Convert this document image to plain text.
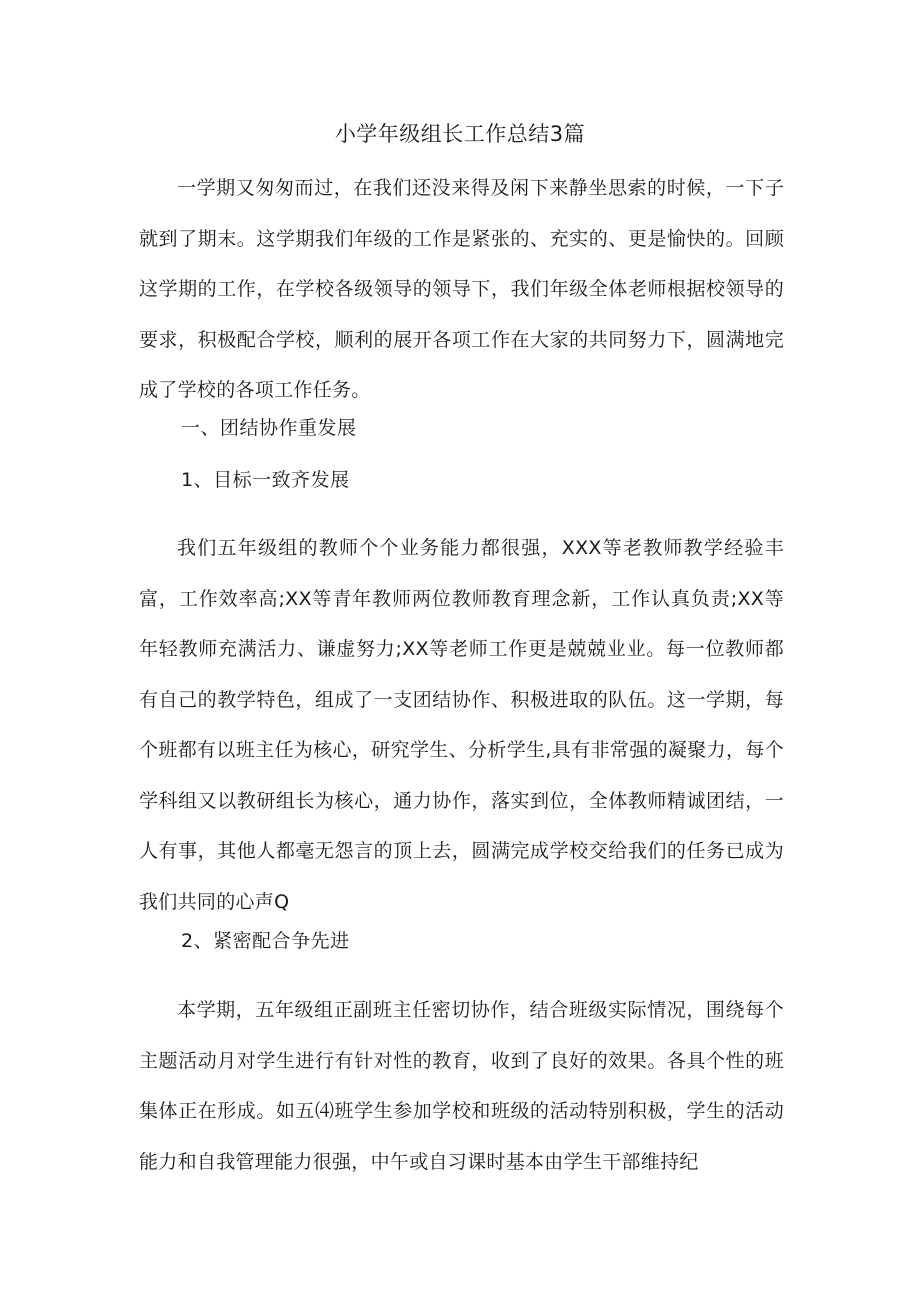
小学年级组长工作总结3篇

一学期又匆匆而过，在我们还没来得及闲下来静坐思索的时候，一下子就到了期末。这学期我们年级的工作是紧张的、充实的、更是愉快的。回顾这学期的工作，在学校各级领导的领导下，我们年级全体老师根据校领导的要求，积极配合学校，顺利的展开各项工作在大家的共同努力下，圆满地完成了学校的各项工作任务。

一、团结协作重发展

1、目标一致齐发展

我们五年级组的教师个个业务能力都很强，XXX等老教师教学经验丰富，工作效率高;XX等青年教师两位教师教育理念新，工作认真负责;XX等年轻教师充满活力、谦虚努力;XX等老师工作更是兢兢业业。每一位教师都有自己的教学特色，组成了一支团结协作、积极进取的队伍。这一学期，每个班都有以班主任为核心，研究学生、分析学生,具有非常强的凝聚力，每个学科组又以教研组长为核心，通力协作，落实到位，全体教师精诚团结，一人有事，其他人都毫无怨言的顶上去，圆满完成学校交给我们的任务已成为我们共同的心声Q

2、紧密配合争先进

本学期，五年级组正副班主任密切协作，结合班级实际情况，围绕每个主题活动月对学生进行有针对性的教育，收到了良好的效果。各具个性的班集体正在形成。如五⑷班学生参加学校和班级的活动特别积极，学生的活动能力和自我管理能力很强，中午或自习课时基本由学生干部维持纪
